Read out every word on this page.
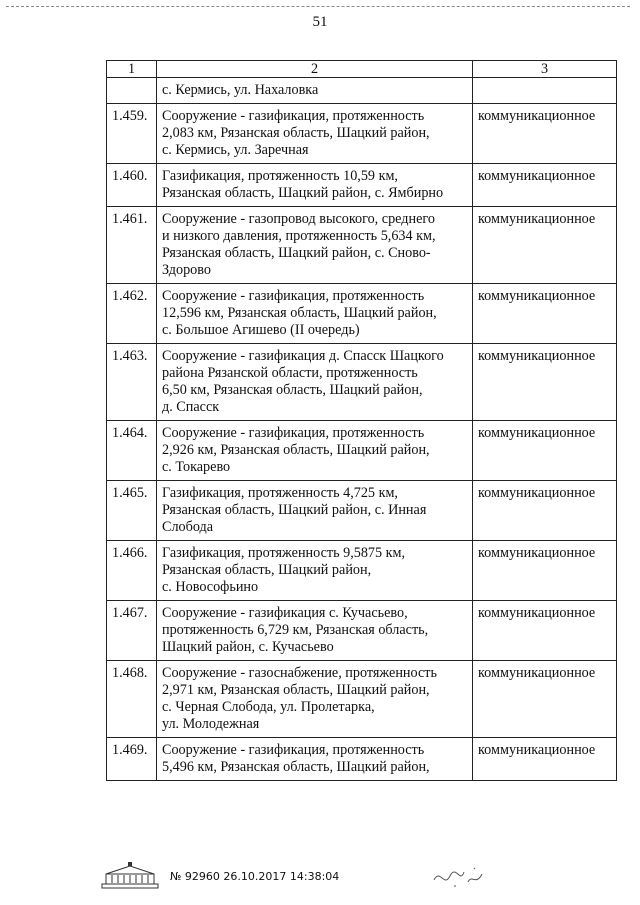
51
1	2	3
	с. Кермись, ул. Нахаловка	
1.459.	Сооружение - газификация, протяженность
2,083 км, Рязанская область, Шацкий район,
с. Кермись, ул. Заречная	коммуникационное
1.460.	Газификация, протяженность 10,59 км,
Рязанская область, Шацкий район, с. Ямбирно	коммуникационное
1.461.	Сооружение - газопровод высокого, среднего
и низкого давления, протяженность 5,634 км,
Рязанская область, Шацкий район, с. Сново-
Здорово	коммуникационное
1.462.	Сооружение - газификация, протяженность
12,596 км, Рязанская область, Шацкий район,
с. Большое Агишево (II очередь)	коммуникационное
1.463.	Сооружение - газификация д. Спасск Шацкого
района Рязанской области, протяженность
6,50 км, Рязанская область, Шацкий район,
д. Спасск	коммуникационное
1.464.	Сооружение - газификация, протяженность
2,926 км, Рязанская область, Шацкий район,
с. Токарево	коммуникационное
1.465.	Газификация, протяженность 4,725 км,
Рязанская область, Шацкий район, с. Инная
Слобода	коммуникационное
1.466.	Газификация, протяженность 9,5875 км,
Рязанская область, Шацкий район,
с. Новософьино	коммуникационное
1.467.	Сооружение - газификация с. Кучасьево,
протяженность 6,729 км, Рязанская область,
Шацкий район, с. Кучасьево	коммуникационное
1.468.	Сооружение - газоснабжение, протяженность
2,971 км, Рязанская область, Шацкий район,
с. Черная Слобода, ул. Пролетарка,
ул. Молодежная	коммуникационное
1.469.	Сооружение - газификация, протяженность
5,496 км, Рязанская область, Шацкий район,	коммуникационное
№ 92960 26.10.2017 14:38:04
